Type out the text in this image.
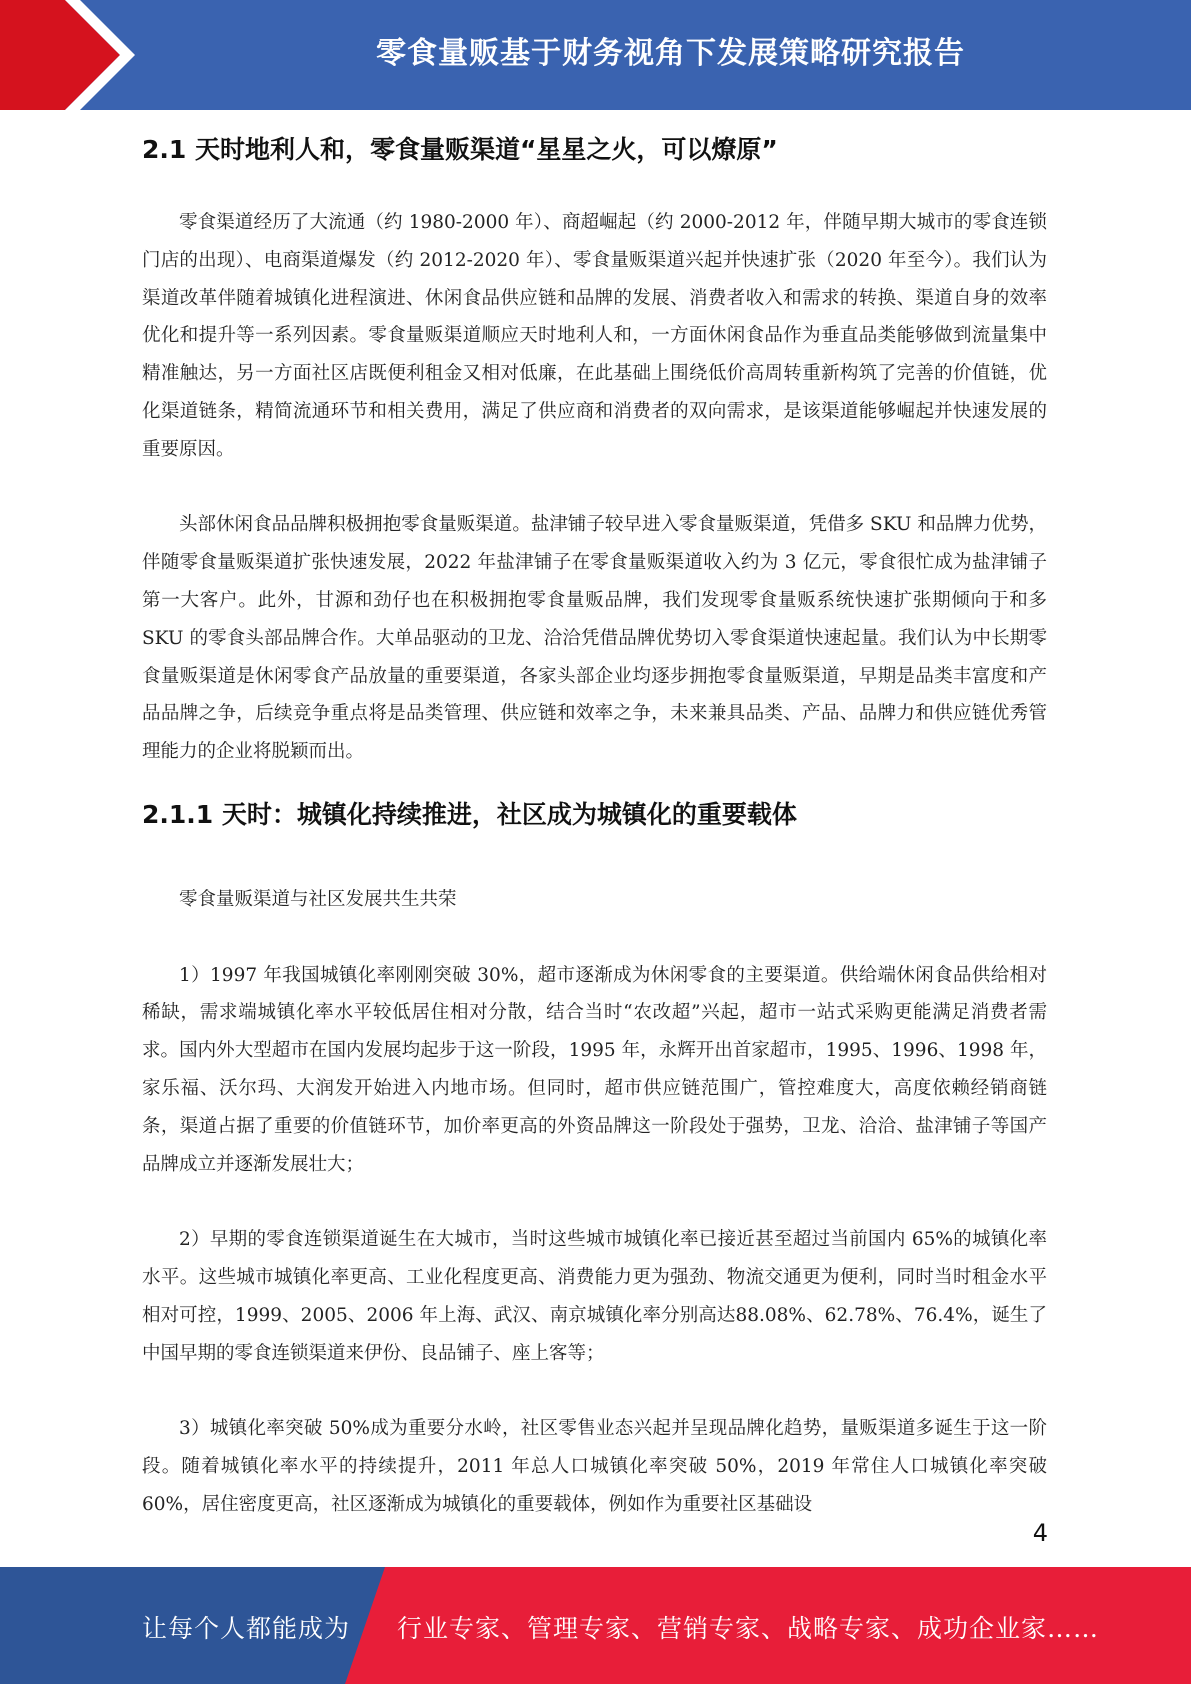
零食量贩基于财务视角下发展策略研究报告
2.1 天时地利人和，零食量贩渠道“星星之火，可以燎原”

零食渠道经历了大流通（约 1980-2000 年）、商超崛起（约 2000-2012 年，伴随早期大城市的零食连锁门店的出现）、电商渠道爆发（约 2012-2020 年）、零食量贩渠道兴起并快速扩张（2020 年至今）。我们认为渠道改革伴随着城镇化进程演进、休闲食品供应链和品牌的发展、消费者收入和需求的转换、渠道自身的效率优化和提升等一系列因素。零食量贩渠道顺应天时地利人和，一方面休闲食品作为垂直品类能够做到流量集中精准触达，另一方面社区店既便利租金又相对低廉，在此基础上围绕低价高周转重新构筑了完善的价值链，优化渠道链条，精简流通环节和相关费用，满足了供应商和消费者的双向需求，是该渠道能够崛起并快速发展的重要原因。

头部休闲食品品牌积极拥抱零食量贩渠道。盐津铺子较早进入零食量贩渠道，凭借多 SKU 和品牌力优势，伴随零食量贩渠道扩张快速发展，2022 年盐津铺子在零食量贩渠道收入约为 3 亿元，零食很忙成为盐津铺子第一大客户。此外，甘源和劲仔也在积极拥抱零食量贩品牌，我们发现零食量贩系统快速扩张期倾向于和多 SKU 的零食头部品牌合作。大单品驱动的卫龙、洽洽凭借品牌优势切入零食渠道快速起量。我们认为中长期零食量贩渠道是休闲零食产品放量的重要渠道，各家头部企业均逐步拥抱零食量贩渠道，早期是品类丰富度和产品品牌之争，后续竞争重点将是品类管理、供应链和效率之争，未来兼具品类、产品、品牌力和供应链优秀管理能力的企业将脱颖而出。

2.1.1 天时：城镇化持续推进，社区成为城镇化的重要载体

零食量贩渠道与社区发展共生共荣

1）1997 年我国城镇化率刚刚突破 30%，超市逐渐成为休闲零食的主要渠道。供给端休闲食品供给相对稀缺，需求端城镇化率水平较低居住相对分散，结合当时“农改超”兴起，超市一站式采购更能满足消费者需求。国内外大型超市在国内发展均起步于这一阶段，1995 年，永辉开出首家超市，1995、1996、1998 年，家乐福、沃尔玛、大润发开始进入内地市场。但同时，超市供应链范围广，管控难度大，高度依赖经销商链条，渠道占据了重要的价值链环节，加价率更高的外资品牌这一阶段处于强势，卫龙、洽洽、盐津铺子等国产品牌成立并逐渐发展壮大；

2）早期的零食连锁渠道诞生在大城市，当时这些城市城镇化率已接近甚至超过当前国内 65%的城镇化率水平。这些城市城镇化率更高、工业化程度更高、消费能力更为强劲、物流交通更为便利，同时当时租金水平相对可控，1999、2005、2006 年上海、武汉、南京城镇化率分别高达88.08%、62.78%、76.4%，诞生了中国早期的零食连锁渠道来伊份、良品铺子、座上客等；

3）城镇化率突破 50%成为重要分水岭，社区零售业态兴起并呈现品牌化趋势，量贩渠道多诞生于这一阶段。随着城镇化率水平的持续提升，2011 年总人口城镇化率突破 50%，2019 年常住人口城镇化率突破 60%，居住密度更高，社区逐渐成为城镇化的重要载体，例如作为重要社区基础设

4
让每个人都能成为 行业专家、管理专家、营销专家、战略专家、成功企业家……
